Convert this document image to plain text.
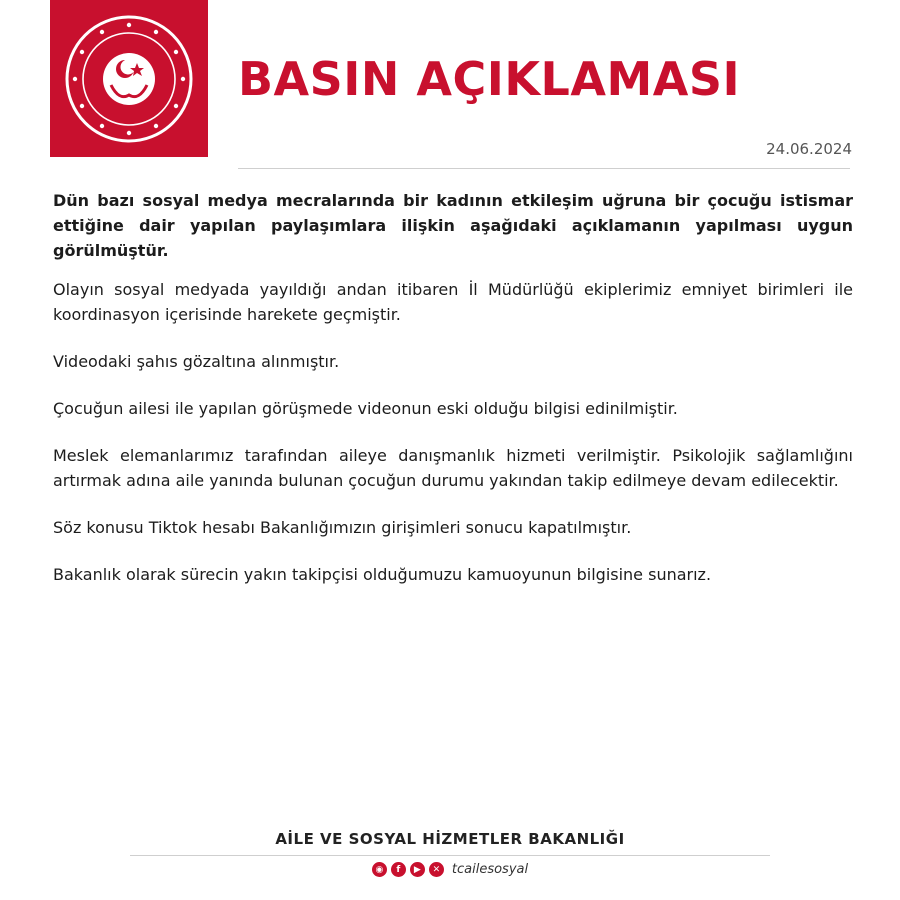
BASIN AÇIKLAMASI
24.06.2024

Dün bazı sosyal medya mecralarında bir kadının etkileşim uğruna bir çocuğu istismar ettiğine dair yapılan paylaşımlara ilişkin aşağıdaki açıklamanın yapılması uygun görülmüştür.

Olayın sosyal medyada yayıldığı andan itibaren İl Müdürlüğü ekiplerimiz emniyet birimleri ile koordinasyon içerisinde harekete geçmiştir.

Videodaki şahıs gözaltına alınmıştır.

Çocuğun ailesi ile yapılan görüşmede videonun eski olduğu bilgisi edinilmiştir.

Meslek elemanlarımız tarafından aileye danışmanlık hizmeti verilmiştir. Psikolojik sağlamlığını artırmak adına aile yanında bulunan çocuğun durumu yakından takip edilmeye devam edilecektir.

Söz konusu Tiktok hesabı Bakanlığımızın girişimleri sonucu kapatılmıştır.

Bakanlık olarak sürecin yakın takipçisi olduğumuzu kamuoyunun bilgisine sunarız.

AİLE VE SOSYAL HİZMETLER BAKANLIĞI
◉	f	▶	✕ tcailesosyal
